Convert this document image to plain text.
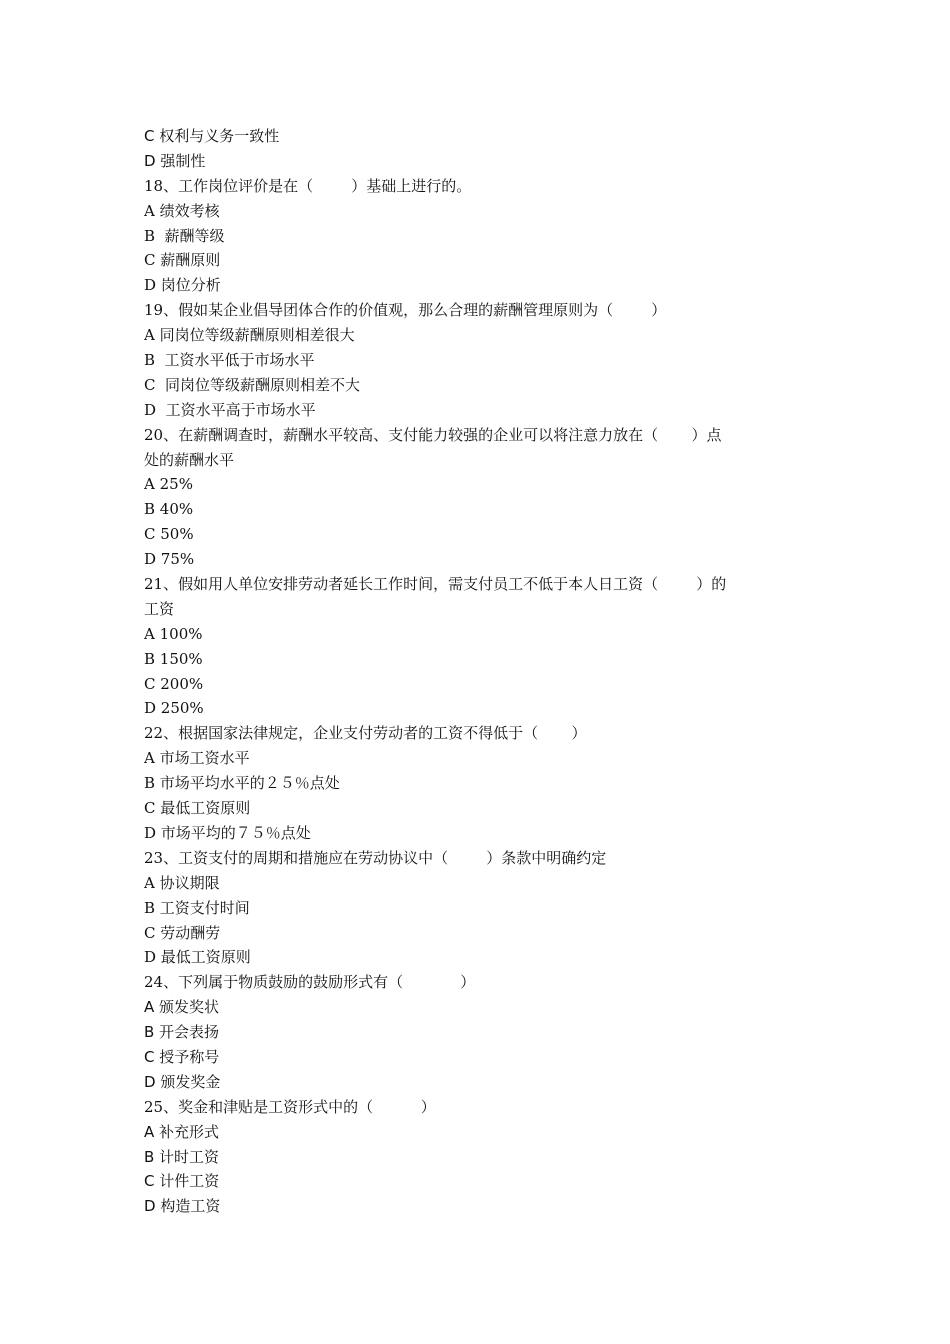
C 权利与义务一致性
D 强制性
18、工作岗位评价是在（        ）基础上进行的。
A 绩效考核
B  薪酬等级
C 薪酬原则
D 岗位分析
19、假如某企业倡导团体合作的价值观，那么合理的薪酬管理原则为（        ）
A 同岗位等级薪酬原则相差很大
B  工资水平低于市场水平
C  同岗位等级薪酬原则相差不大
D  工资水平高于市场水平
20、在薪酬调查时，薪酬水平较高、支付能力较强的企业可以将注意力放在（       ）点
处的薪酬水平
A 25%
B 40%
C 50%
D 75%
21、假如用人单位安排劳动者延长工作时间，需支付员工不低于本人日工资（        ）的
工资
A 100%
B 150%
C 200%
D 250%
22、根据国家法律规定，企业支付劳动者的工资不得低于（       ）
A 市场工资水平
B 市场平均水平的２５％点处
C 最低工资原则
D 市场平均的７５％点处
23、工资支付的周期和措施应在劳动协议中（        ）条款中明确约定
A 协议期限
B 工资支付时间
C 劳动酬劳
D 最低工资原则
24、下列属于物质鼓励的鼓励形式有（            ）
A 颁发奖状
B 开会表扬
C 授予称号
D 颁发奖金
25、奖金和津贴是工资形式中的（          ）
A 补充形式
B 计时工资
C 计件工资
D 构造工资
